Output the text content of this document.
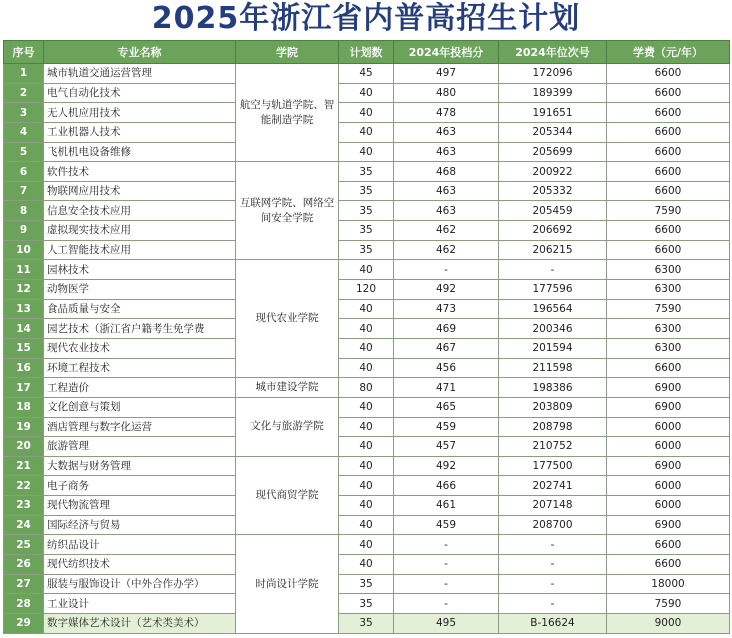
2025年浙江省内普高招生计划
序号	专业名称	学院	计划数	2024年投档分	2024年位次号	学费（元/年）
1	城市轨道交通运营管理	航空与轨道学院、智能制造学院	45	497	172096	6600
2	电气自动化技术		40	480	189399	6600
3	无人机应用技术		40	478	191651	6600
4	工业机器人技术		40	463	205344	6600
5	飞机机电设备维修		40	463	205699	6600
6	软件技术	互联网学院、网络空间安全学院	35	468	200922	6600
7	物联网应用技术		35	463	205332	6600
8	信息安全技术应用		35	463	205459	7590
9	虚拟现实技术应用		35	462	206692	6600
10	人工智能技术应用		35	462	206215	6600
11	园林技术	现代农业学院	40	-	-	6300
12	动物医学		120	492	177596	6300
13	食品质量与安全		40	473	196564	7590
14	园艺技术（浙江省户籍考生免学费		40	469	200346	6300
15	现代农业技术		40	467	201594	6300
16	环境工程技术		40	456	211598	6600
17	工程造价	城市建设学院	80	471	198386	6900
18	文化创意与策划	文化与旅游学院	40	465	203809	6900
19	酒店管理与数字化运营		40	459	208798	6000
20	旅游管理		40	457	210752	6000
21	大数据与财务管理	现代商贸学院	40	492	177500	6900
22	电子商务		40	466	202741	6000
23	现代物流管理		40	461	207148	6000
24	国际经济与贸易		40	459	208700	6900
25	纺织品设计	时尚设计学院	40	-	-	6600
26	现代纺织技术		40	-	-	6600
27	服装与服饰设计（中外合作办学）		35	-	-	18000
28	工业设计		35	-	-	7590
29	数字媒体艺术设计（艺术类美术）		35	495	B-16624	9000
